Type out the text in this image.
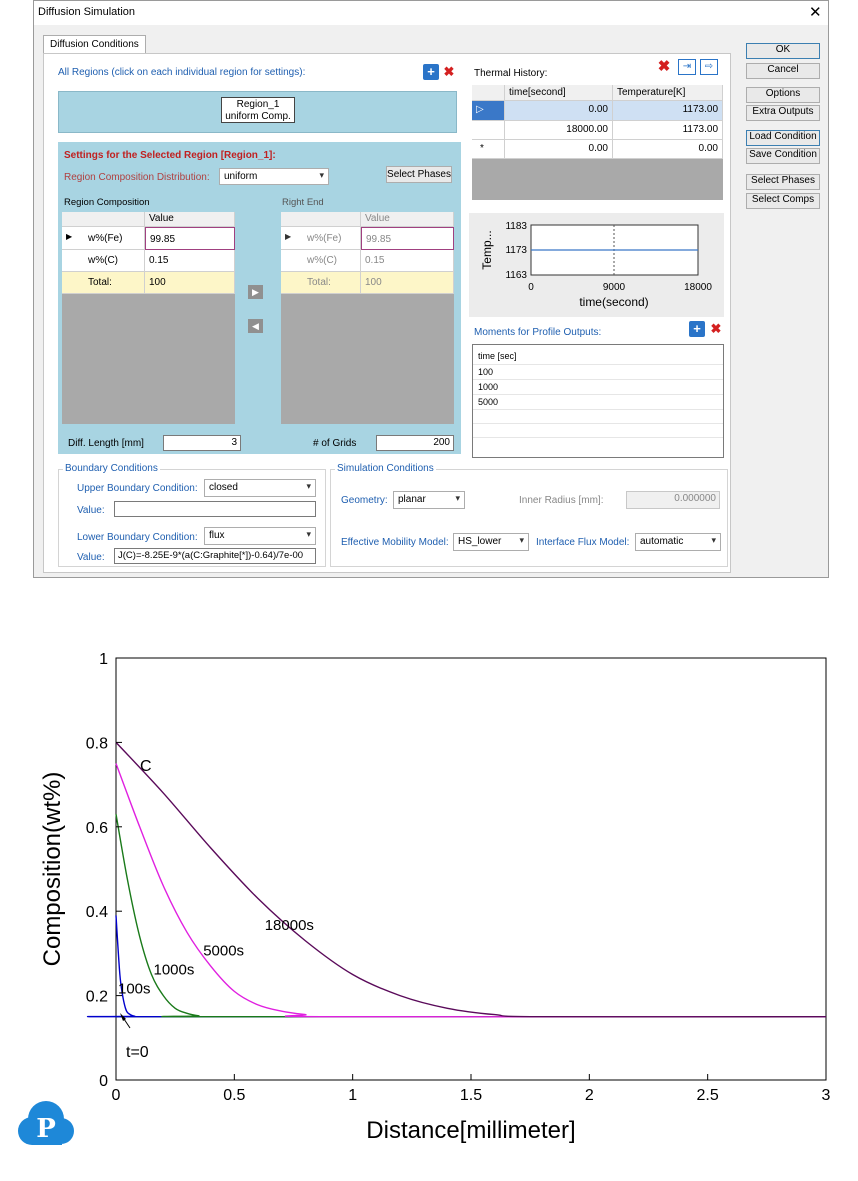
Diffusion Simulation	✕
Diffusion Conditions
All Regions (click on each individual region for settings):	+ ✖
Region_1
uniform Comp.
Settings for the Selected Region [Region_1]:
Region Composition Distribution:	uniform	▾	Select Phases
Region Composition	Right End
Value
▶ w%(Fe)	99.85
w%(C)	0.15
Total:	100
▶
◀
Value
▶ w%(Fe)	99.85
w%(C)	0.15
Total:	100
Diff. Length [mm]	3	# of Grids	200
Thermal History:	✖	⇥	⇨
time[second]	Temperature[K]
▷	0.00	1173.00
18000.00	1173.00
*	0.00	0.00
1183
1173
1163
0	9000	18000
time(second)
Temp...
Moments for Profile Outputs:	+ ✖
time [sec]
100
1000
5000
Boundary Conditions
Upper Boundary Condition:	closed	▾
Value:
Lower Boundary Condition:	flux	▾
Value:	J(C)=-8.25E-9*(a(C:Graphite[*])-0.64)/7e-00
Simulation Conditions
Geometry:	planar	▾	Inner Radius [mm]:	0.000000
Effective Mobility Model: HS_lower ▾ Interface Flux Model:	automatic	▾
OK
Cancel
Options
Extra Outputs
Load Condition
Save Condition
Select Phases
Select Comps
100s
1000s
5000s
18000s
0	0.5	1	1.5	2	2.5	3
0
0.2
0.4
0.6
0.8
1
Distance[millimeter]
Composition(wt%)
C
t=0
P
